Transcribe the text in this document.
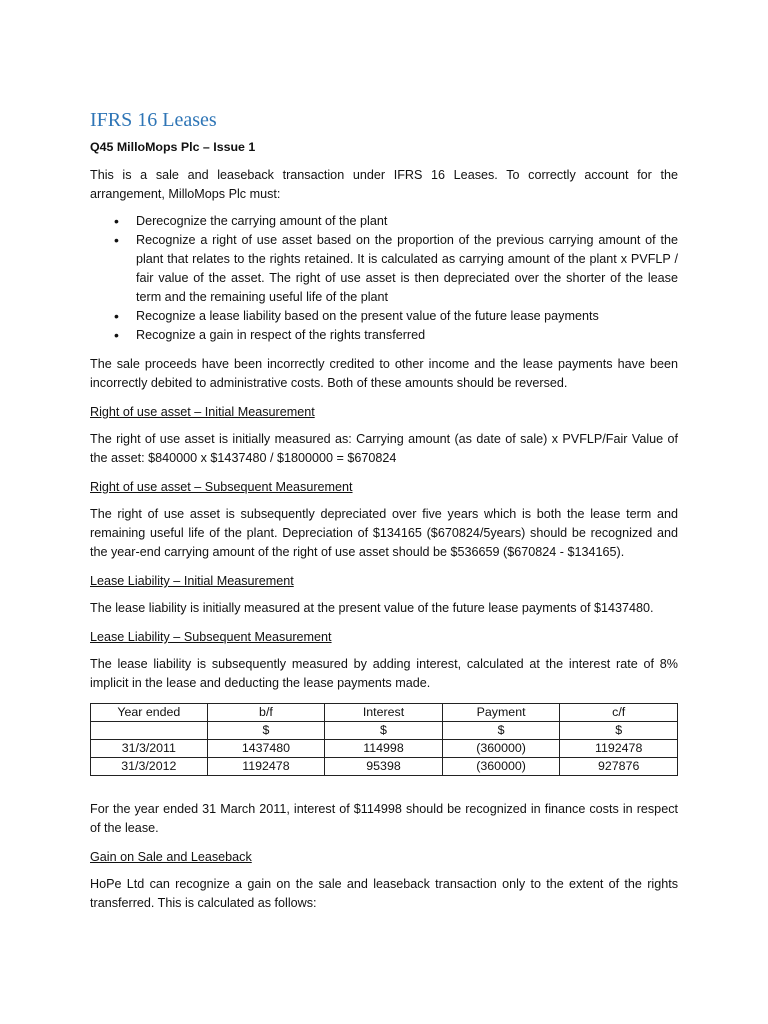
IFRS 16 Leases

Q45 MilloMops Plc – Issue 1

This is a sale and leaseback transaction under IFRS 16 Leases. To correctly account for the arrangement, MilloMops Plc must:

• Derecognize the carrying amount of the plant
• Recognize a right of use asset based on the proportion of the previous carrying amount of the plant that relates to the rights retained. It is calculated as carrying amount of the plant x PVFLP / fair value of the asset. The right of use asset is then depreciated over the shorter of the lease term and the remaining useful life of the plant
• Recognize a lease liability based on the present value of the future lease payments
• Recognize a gain in respect of the rights transferred

The sale proceeds have been incorrectly credited to other income and the lease payments have been incorrectly debited to administrative costs. Both of these amounts should be reversed.

Right of use asset – Initial Measurement

The right of use asset is initially measured as: Carrying amount (as date of sale) x PVFLP/Fair Value of the asset: $840000 x $1437480 / $1800000 = $670824

Right of use asset – Subsequent Measurement

The right of use asset is subsequently depreciated over five years which is both the lease term and remaining useful life of the plant. Depreciation of $134165 ($670824/5years) should be recognized and the year-end carrying amount of the right of use asset should be $536659 ($670824 - $134165).

Lease Liability – Initial Measurement

The lease liability is initially measured at the present value of the future lease payments of $1437480.

Lease Liability – Subsequent Measurement

The lease liability is subsequently measured by adding interest, calculated at the interest rate of 8% implicit in the lease and deducting the lease payments made.

Year ended	b/f	Interest	Payment	c/f
	$	$	$	$
31/3/2011	1437480	114998	(360000)	1192478
31/3/2012	1192478	95398	(360000)	927876

For the year ended 31 March 2011, interest of $114998 should be recognized in finance costs in respect of the lease.

Gain on Sale and Leaseback

HoPe Ltd can recognize a gain on the sale and leaseback transaction only to the extent of the rights transferred. This is calculated as follows:
